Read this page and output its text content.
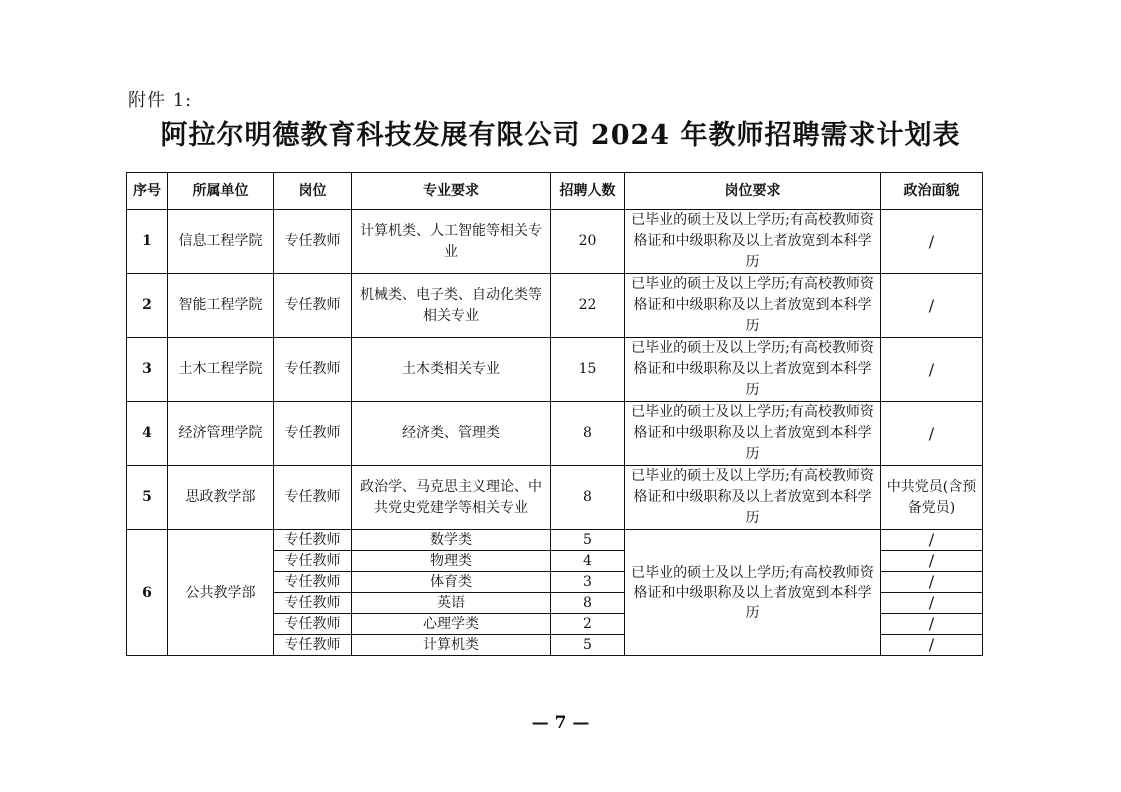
附件 1:
阿拉尔明德教育科技发展有限公司 2024 年教师招聘需求计划表
序号	所属单位	岗位	专业要求	招聘人数	岗位要求	政治面貌
1	信息工程学院	专任教师	计算机类、人工智能等相关专业	20	已毕业的硕士及以上学历;有高校教师资格证和中级职称及以上者放宽到本科学历	/
2	智能工程学院	专任教师	机械类、电子类、自动化类等相关专业	22	已毕业的硕士及以上学历;有高校教师资格证和中级职称及以上者放宽到本科学历	/
3	土木工程学院	专任教师	土木类相关专业	15	已毕业的硕士及以上学历;有高校教师资格证和中级职称及以上者放宽到本科学历	/
4	经济管理学院	专任教师	经济类、管理类	8	已毕业的硕士及以上学历;有高校教师资格证和中级职称及以上者放宽到本科学历	/
5	思政教学部	专任教师	政治学、马克思主义理论、中共党史党建学等相关专业	8	已毕业的硕士及以上学历;有高校教师资格证和中级职称及以上者放宽到本科学历	中共党员(含预备党员)
6	公共教学部	专任教师	数学类	5	已毕业的硕士及以上学历;有高校教师资格证和中级职称及以上者放宽到本科学历	/
		专任教师	物理类	4		/
		专任教师	体育类	3		/
		专任教师	英语	8		/
		专任教师	心理学类	2		/
		专任教师	计算机类	5		/
— 7 —
